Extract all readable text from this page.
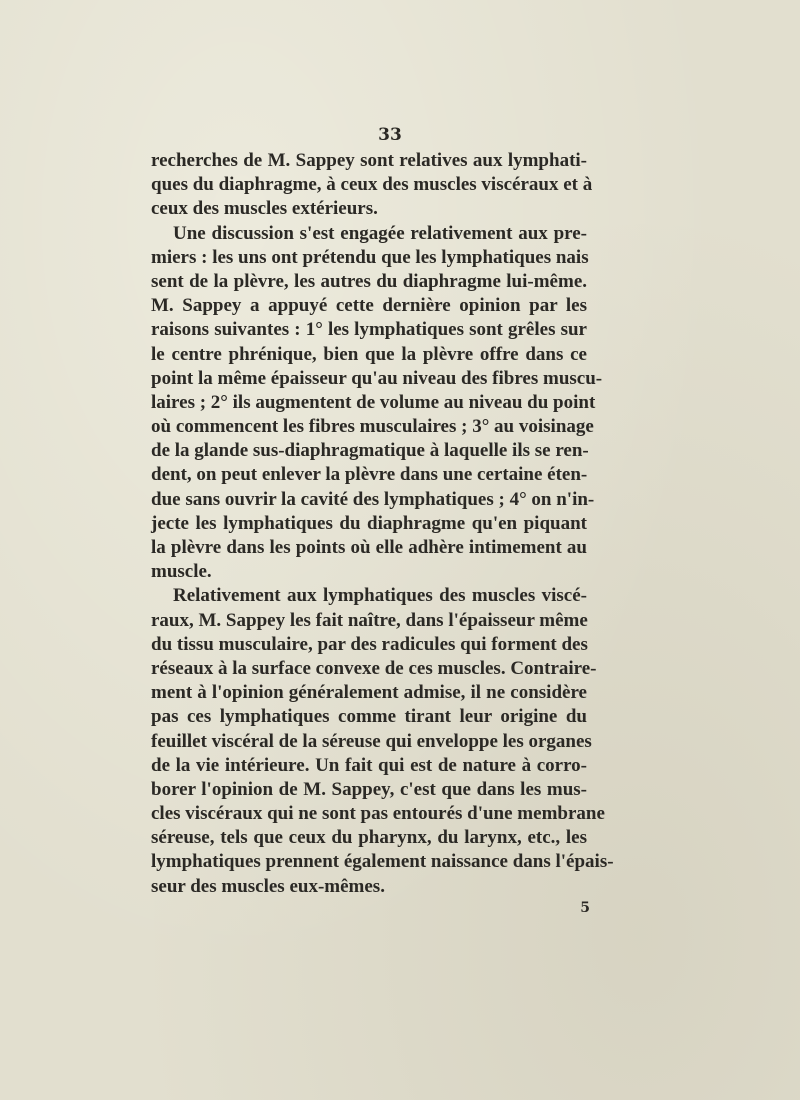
33
recherches de M. Sappey sont relatives aux lymphati-
ques du diaphragme, à ceux des muscles viscéraux et à
ceux des muscles extérieurs.
Une discussion s'est engagée relativement aux pre-
miers : les uns ont prétendu que les lymphatiques nais
sent de la plèvre, les autres du diaphragme lui-même.
M. Sappey a appuyé cette dernière opinion par les
raisons suivantes : 1° les lymphatiques sont grêles sur
le centre phrénique, bien que la plèvre offre dans ce
point la même épaisseur qu'au niveau des fibres muscu-
laires ; 2° ils augmentent de volume au niveau du point
où commencent les fibres musculaires ; 3° au voisinage
de la glande sus-diaphragmatique à laquelle ils se ren-
dent, on peut enlever la plèvre dans une certaine éten-
due sans ouvrir la cavité des lymphatiques ; 4° on n'in-
jecte les lymphatiques du diaphragme qu'en piquant
la plèvre dans les points où elle adhère intimement au
muscle.
Relativement aux lymphatiques des muscles viscé-
raux, M. Sappey les fait naître, dans l'épaisseur même
du tissu musculaire, par des radicules qui forment des
réseaux à la surface convexe de ces muscles. Contraire-
ment à l'opinion généralement admise, il ne considère
pas ces lymphatiques comme tirant leur origine du
feuillet viscéral de la séreuse qui enveloppe les organes
de la vie intérieure. Un fait qui est de nature à corro-
borer l'opinion de M. Sappey, c'est que dans les mus-
cles viscéraux qui ne sont pas entourés d'une membrane
séreuse, tels que ceux du pharynx, du larynx, etc., les
lymphatiques prennent également naissance dans l'épais-
seur des muscles eux-mêmes.
5
